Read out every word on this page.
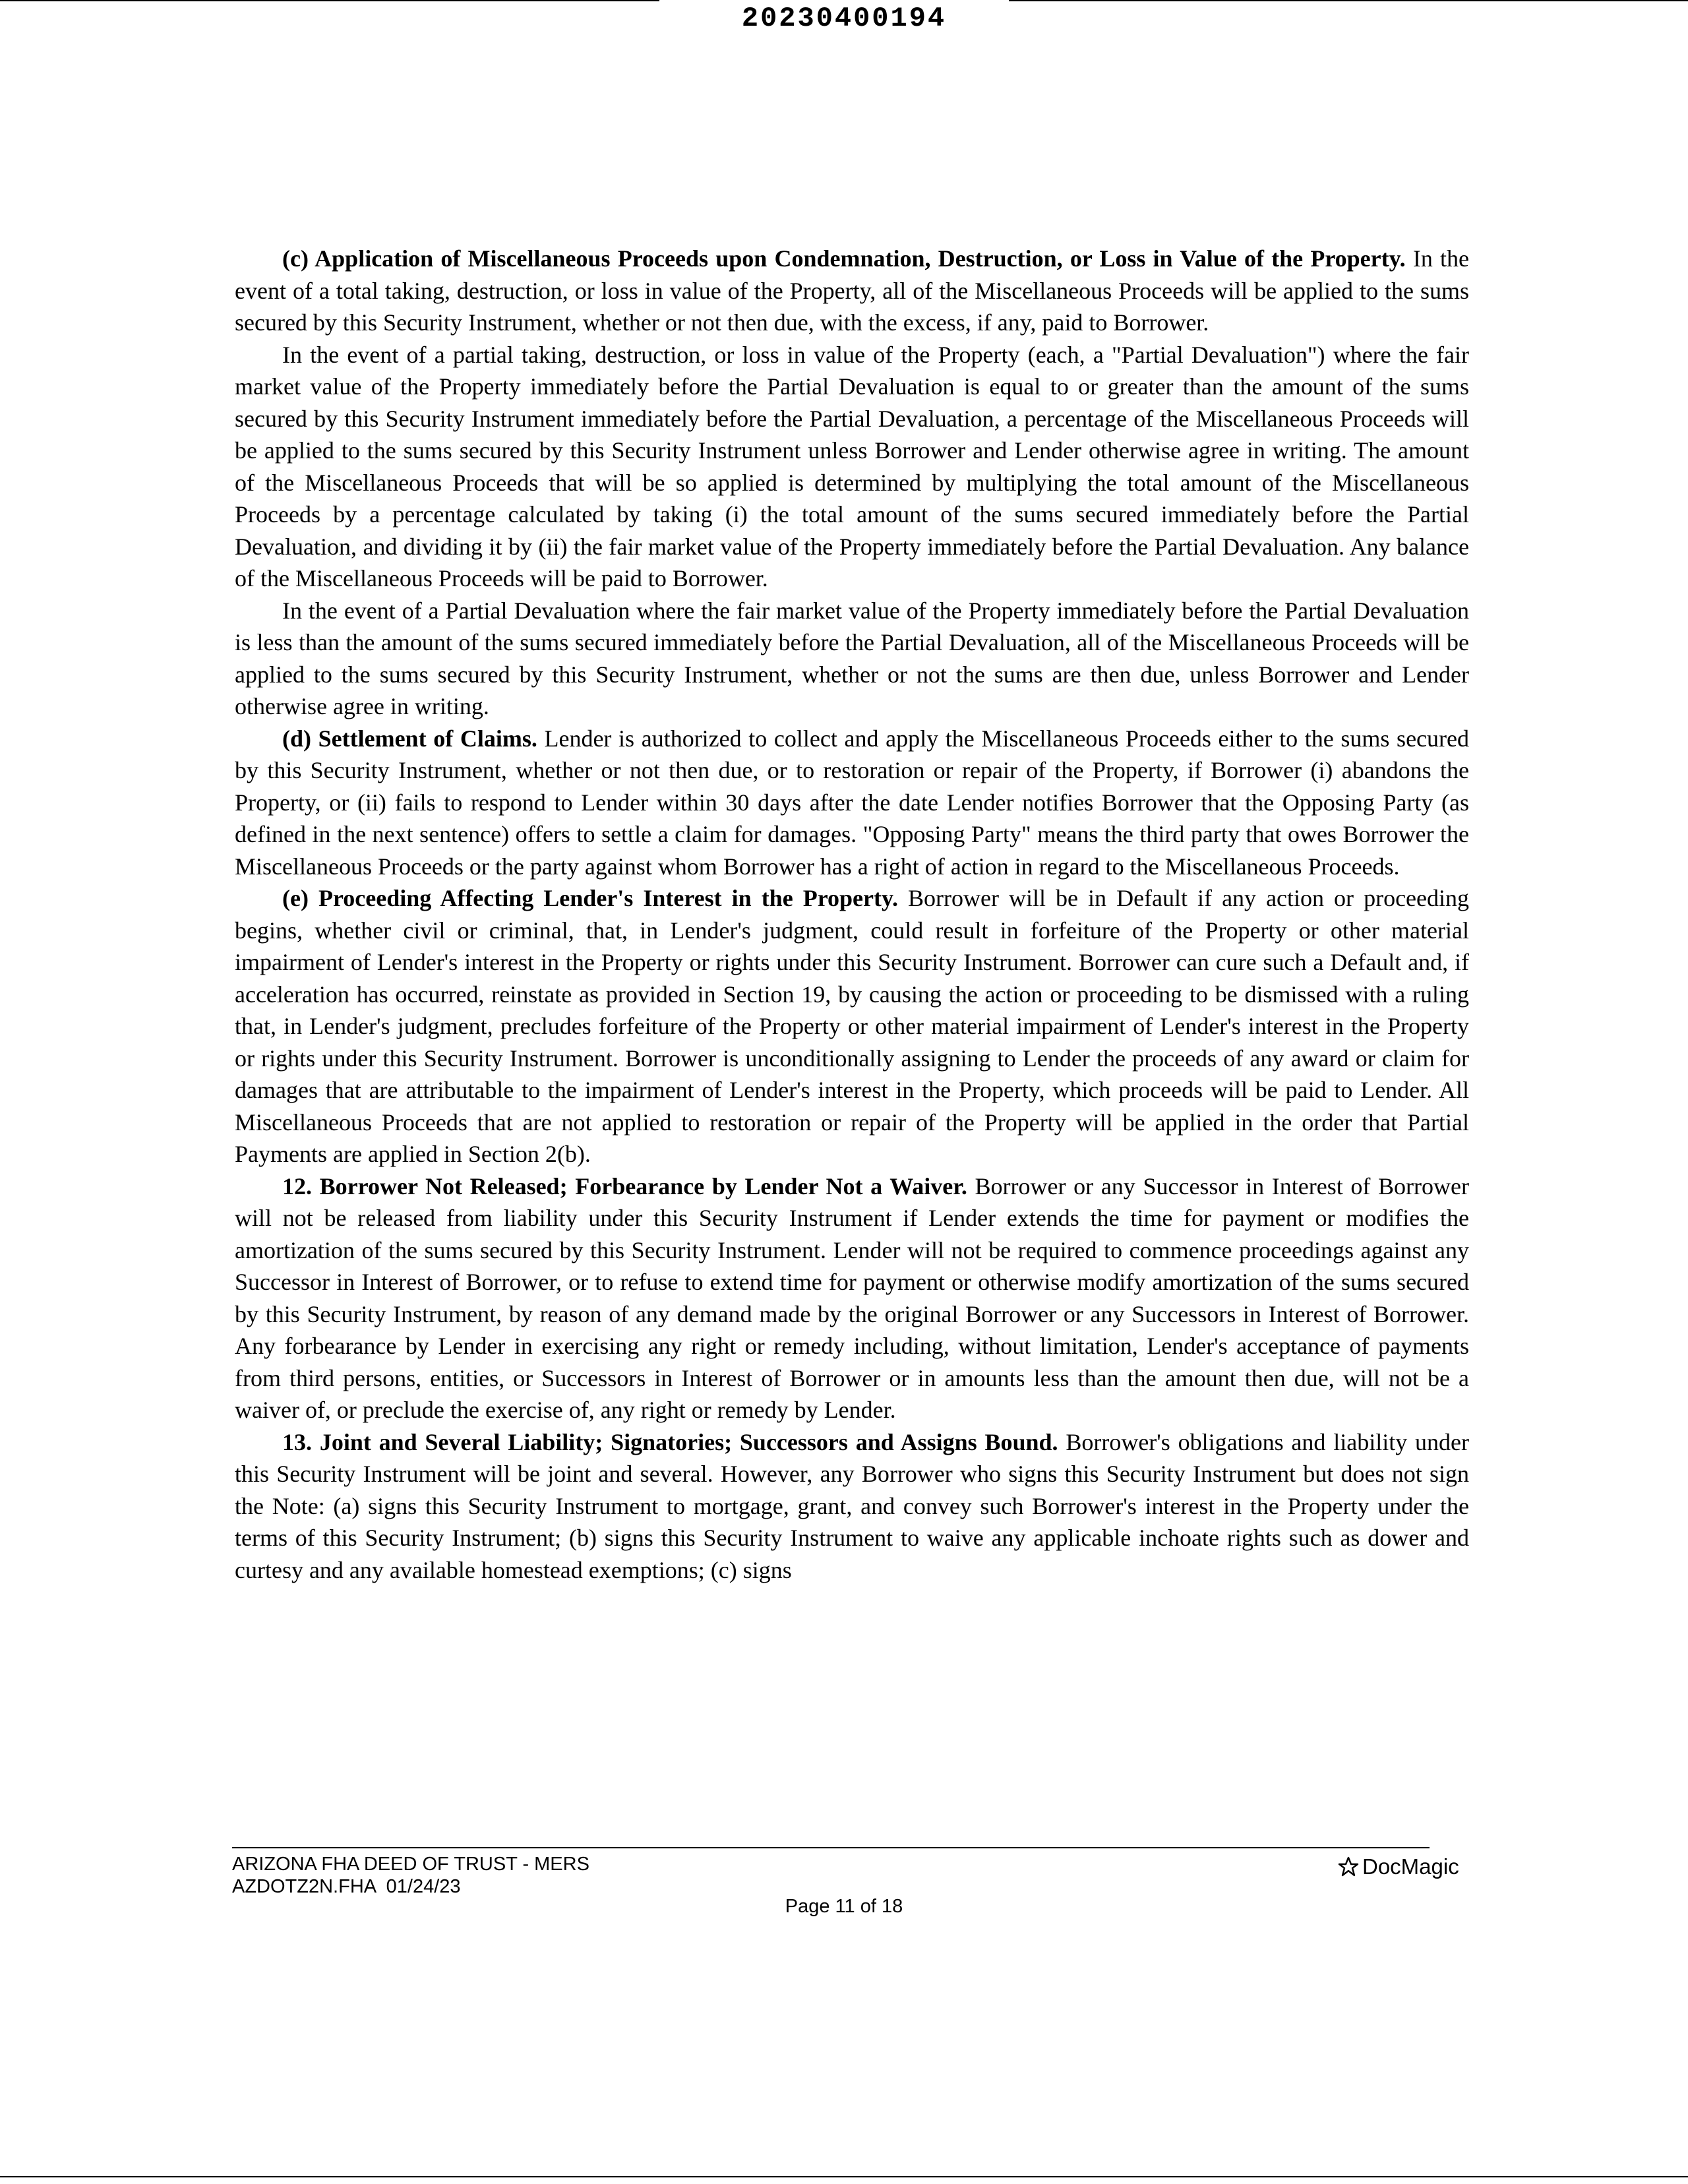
20230400194

(c) Application of Miscellaneous Proceeds upon Condemnation, Destruction, or Loss in Value of the Property. In the event of a total taking, destruction, or loss in value of the Property, all of the Miscellaneous Proceeds will be applied to the sums secured by this Security Instrument, whether or not then due, with the excess, if any, paid to Borrower.

In the event of a partial taking, destruction, or loss in value of the Property (each, a "Partial Devaluation") where the fair market value of the Property immediately before the Partial Devaluation is equal to or greater than the amount of the sums secured by this Security Instrument immediately before the Partial Devaluation, a percentage of the Miscellaneous Proceeds will be applied to the sums secured by this Security Instrument unless Borrower and Lender otherwise agree in writing. The amount of the Miscellaneous Proceeds that will be so applied is determined by multiplying the total amount of the Miscellaneous Proceeds by a percentage calculated by taking (i) the total amount of the sums secured immediately before the Partial Devaluation, and dividing it by (ii) the fair market value of the Property immediately before the Partial Devaluation. Any balance of the Miscellaneous Proceeds will be paid to Borrower.

In the event of a Partial Devaluation where the fair market value of the Property immediately before the Partial Devaluation is less than the amount of the sums secured immediately before the Partial Devaluation, all of the Miscellaneous Proceeds will be applied to the sums secured by this Security Instrument, whether or not the sums are then due, unless Borrower and Lender otherwise agree in writing.

(d) Settlement of Claims. Lender is authorized to collect and apply the Miscellaneous Proceeds either to the sums secured by this Security Instrument, whether or not then due, or to restoration or repair of the Property, if Borrower (i) abandons the Property, or (ii) fails to respond to Lender within 30 days after the date Lender notifies Borrower that the Opposing Party (as defined in the next sentence) offers to settle a claim for damages. "Opposing Party" means the third party that owes Borrower the Miscellaneous Proceeds or the party against whom Borrower has a right of action in regard to the Miscellaneous Proceeds.

(e) Proceeding Affecting Lender's Interest in the Property. Borrower will be in Default if any action or proceeding begins, whether civil or criminal, that, in Lender's judgment, could result in forfeiture of the Property or other material impairment of Lender's interest in the Property or rights under this Security Instrument. Borrower can cure such a Default and, if acceleration has occurred, reinstate as provided in Section 19, by causing the action or proceeding to be dismissed with a ruling that, in Lender's judgment, precludes forfeiture of the Property or other material impairment of Lender's interest in the Property or rights under this Security Instrument. Borrower is unconditionally assigning to Lender the proceeds of any award or claim for damages that are attributable to the impairment of Lender's interest in the Property, which proceeds will be paid to Lender. All Miscellaneous Proceeds that are not applied to restoration or repair of the Property will be applied in the order that Partial Payments are applied in Section 2(b).

12. Borrower Not Released; Forbearance by Lender Not a Waiver. Borrower or any Successor in Interest of Borrower will not be released from liability under this Security Instrument if Lender extends the time for payment or modifies the amortization of the sums secured by this Security Instrument. Lender will not be required to commence proceedings against any Successor in Interest of Borrower, or to refuse to extend time for payment or otherwise modify amortization of the sums secured by this Security Instrument, by reason of any demand made by the original Borrower or any Successors in Interest of Borrower. Any forbearance by Lender in exercising any right or remedy including, without limitation, Lender's acceptance of payments from third persons, entities, or Successors in Interest of Borrower or in amounts less than the amount then due, will not be a waiver of, or preclude the exercise of, any right or remedy by Lender.

13. Joint and Several Liability; Signatories; Successors and Assigns Bound. Borrower's obligations and liability under this Security Instrument will be joint and several. However, any Borrower who signs this Security Instrument but does not sign the Note: (a) signs this Security Instrument to mortgage, grant, and convey such Borrower's interest in the Property under the terms of this Security Instrument; (b) signs this Security Instrument to waive any applicable inchoate rights such as dower and curtesy and any available homestead exemptions; (c) signs

ARIZONA FHA DEED OF TRUST - MERS
AZDOTZ2N.FHA  01/24/23
DocMagic
Page 11 of 18
